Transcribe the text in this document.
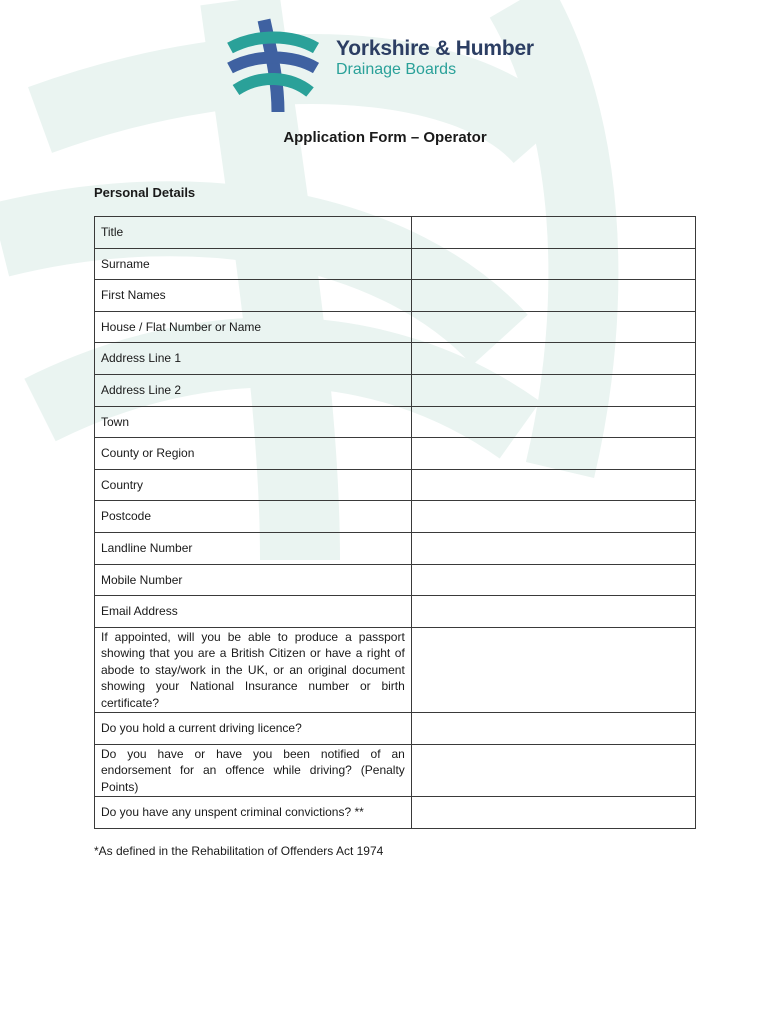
Yorkshire & Humber
Drainage Boards
Application Form – Operator
Personal Details
Title	

Surname	

First Names	

House / Flat Number or Name	

Address Line 1	

Address Line 2	

Town	

County or Region	

Country	

Postcode	

Landline Number	

Mobile Number	

Email Address	

If appointed, will you be able to produce a passport showing that you are a British Citizen or have a right of abode to stay/work in the UK, or an original document showing your National Insurance number or birth certificate?	

Do you hold a current driving licence?	

Do you have or have you been notified of an endorsement for an offence while driving? (Penalty Points)	

Do you have any unspent criminal convictions? **	

*As defined in the Rehabilitation of Offenders Act 1974
